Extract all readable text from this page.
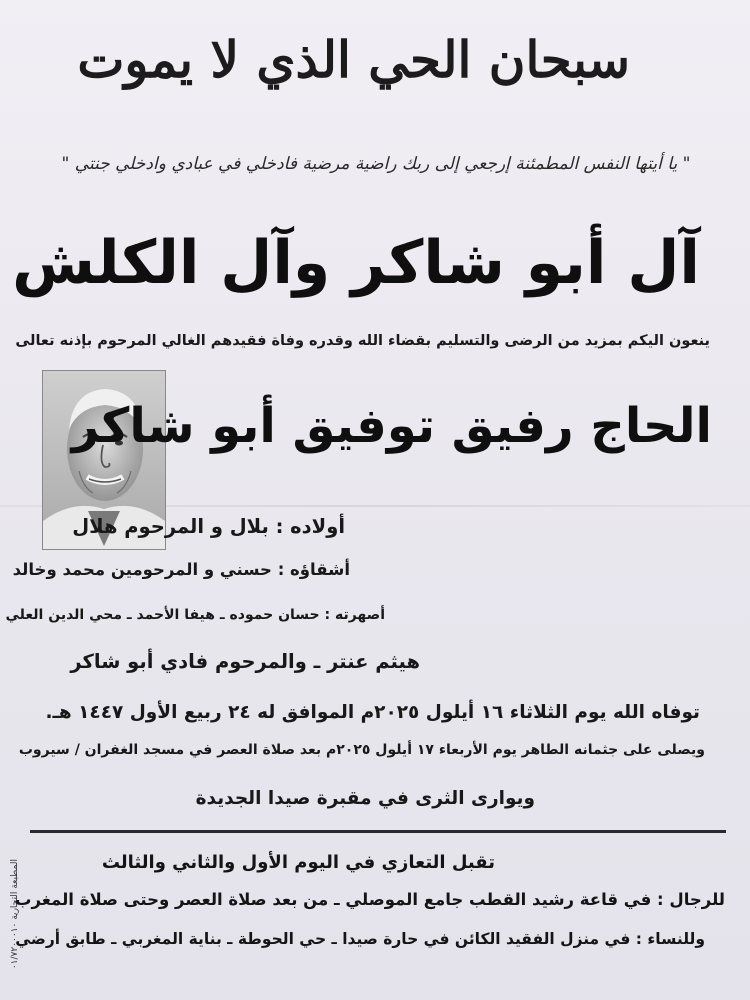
سبحان الحي الذي لا يموت
" يا أيتها النفس المطمئنة إرجعي إلى ربك راضية مرضية فادخلي في عبادي وادخلي جنتي "
آل أبو شاكر وآل الكلش
ينعون اليكم بمزيد من الرضى والتسليم بقضاء الله وقدره وفاة فقيدهم الغالي المرحوم بإذنه تعالى
الحاج رفيق توفيق أبو شاكر
أولاده : بلال و المرحوم هلال
أشقاؤه : حسني و المرحومين محمد وخالد
أصهرته : حسان حموده ـ هيفا الأحمد ـ محي الدين العلي
هيثم عنتر ـ والمرحوم فادي أبو شاكر
توفاه الله يوم الثلاثاء ١٦ أيلول ٢٠٢٥م الموافق له ٢٤ ربيع الأول ١٤٤٧ هـ.
ويصلى على جثمانه الطاهر يوم الأربعاء ١٧ أيلول ٢٠٢٥م بعد صلاة العصر في مسجد الغفران / سيروب
ويوارى الثرى في مقبرة صيدا الجديدة
تقبل التعازي في اليوم الأول والثاني والثالث
للرجال : في قاعة رشيد القطب جامع الموصلي ـ من بعد صلاة العصر وحتى صلاة المغرب
وللنساء : في منزل الفقيد الكائن في حارة صيدا ـ حي الحوطة ـ بناية المغربي ـ طابق أرضي
المطبعة التجارية ٠١/٧٢٠٠٠١٠
